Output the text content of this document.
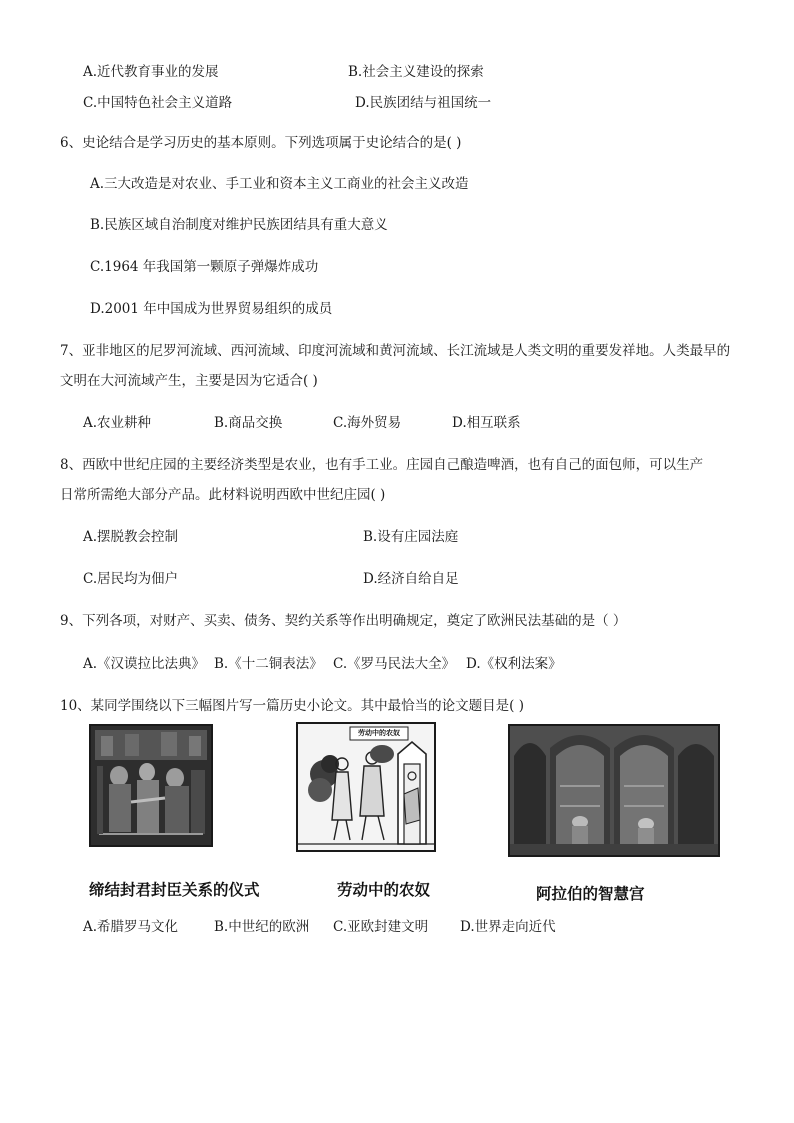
A.近代教育事业的发展	B.社会主义建设的探索
C.中国特色社会主义道路	D.民族团结与祖国统一
6、史论结合是学习历史的基本原则。下列选项属于史论结合的是( )
A.三大改造是对农业、手工业和资本主义工商业的社会主义改造
B.民族区域自治制度对维护民族团结具有重大意义
C.1964 年我国第一颗原子弹爆炸成功
D.2001 年中国成为世界贸易组织的成员
7、亚非地区的尼罗河流域、西河流域、印度河流域和黄河流域、长江流域是人类文明的重要发祥地。人类最早的
文明在大河流域产生，主要是因为它适合( )
A.农业耕种	B.商品交换	C.海外贸易	D.相互联系
8、西欧中世纪庄园的主要经济类型是农业，也有手工业。庄园自己酿造啤酒，也有自己的面包师，可以生产
日常所需绝大部分产品。此材料说明西欧中世纪庄园( )
A.摆脱教会控制	B.设有庄园法庭
C.居民均为佃户	D.经济自给自足
9、下列各项，对财产、买卖、债务、契约关系等作出明确规定，奠定了欧洲民法基础的是（ ）
A.《汉谟拉比法典》 B.《十二铜表法》 C.《罗马民法大全》 D.《权利法案》
10、某同学围绕以下三幅图片写一篇历史小论文。其中最恰当的论文题目是( )
缔结封君封臣关系的仪式
劳动中的农奴
劳动中的农奴	阿拉伯的智慧宫
A.希腊罗马文化	B.中世纪的欧洲 C.亚欧封建文明 D.世界走向近代
